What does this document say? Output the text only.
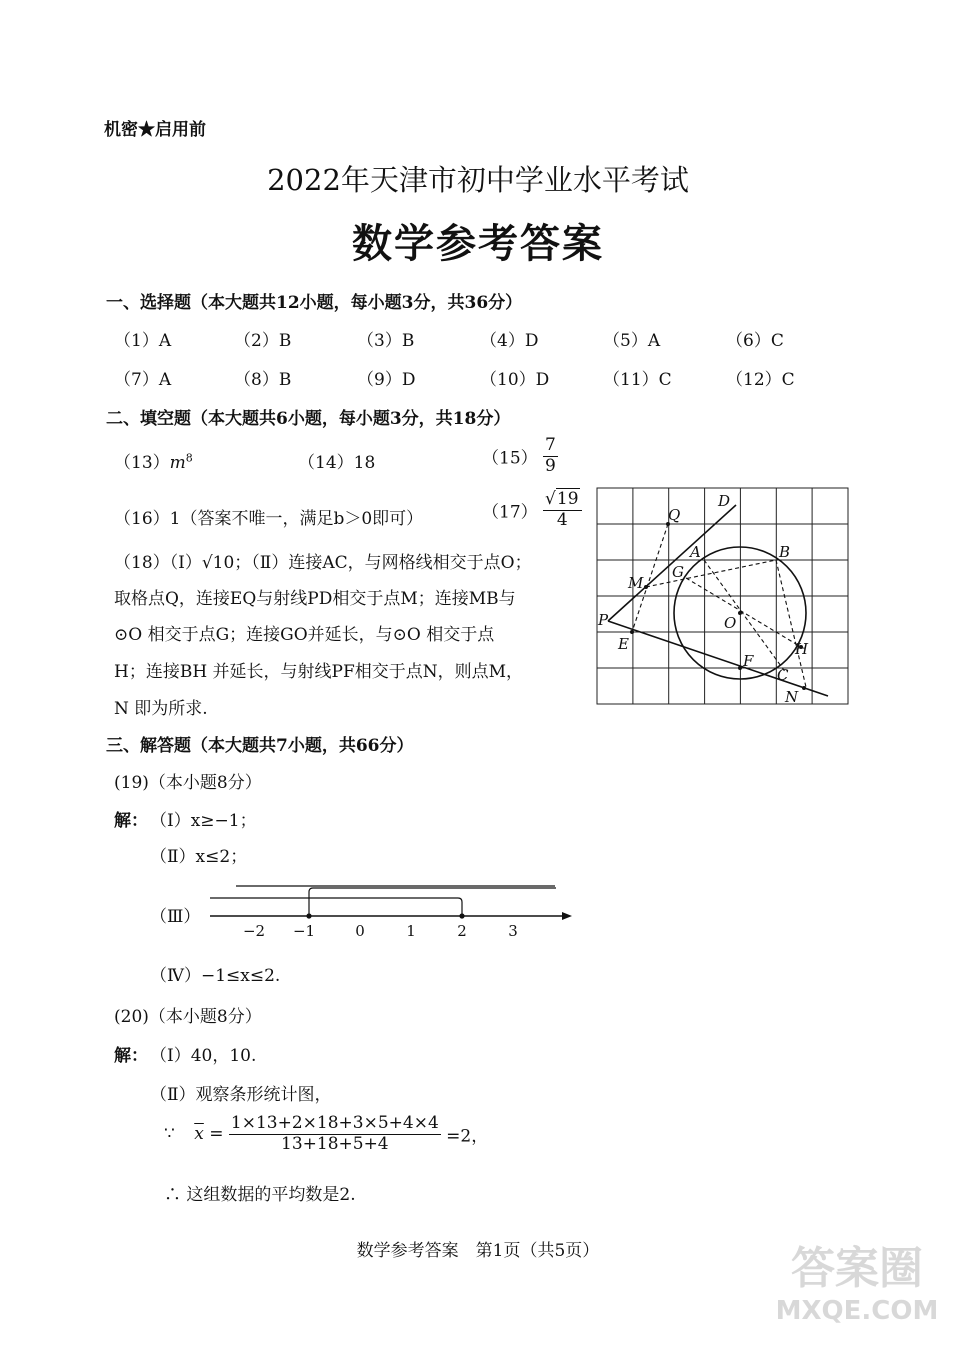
机密★启用前
2022年天津市初中学业水平考试
数学参考答案
一、选择题（本大题共12小题，每小题3分，共36分）
（1）A	（2）B	（3）B	（4）D	（5）A	（6）C
（7）A	（8）B	（9）D	（10）D	（11）C	（12）C
二、填空题（本大题共6小题，每小题3分，共18分）
$(13)m^8$	（14）18	$(15) \frac{7}{9}$
（16）1（答案不唯一，满足b＞0即可）	$(17) \frac{√19}{4}$
（18）（Ⅰ）√10；（Ⅱ）连接AC，与网格线相交于点O；
取格点Q，连接EQ与射线PD相交于点M；连接MB与
⊙O 相交于点G；连接GO并延长，与⊙O 相交于点
H；连接BH 并延长，与射线PF相交于点N，则点M，
N 即为所求.
Q
D
A	B
M
G
P
E
O
H
F
C
N
三、解答题（本大题共7小题，共66分）
(19)（本小题8分）
解： （Ⅰ）x≥−1；
（Ⅱ）x≤2；
（Ⅲ）
−2 −1	0	1	2	3
（Ⅳ）−1≤x≤2.
(20)（本小题8分）
解： （Ⅰ）40，10.
（Ⅱ）观察条形统计图，
∵ $\overline{x} = \frac{1\times 13+2\times 18+3\times 5+4\times 4}{13+18+5+4} =2$，
∴ 这组数据的平均数是2.
数学参考答案　第1页（共5页）	答案圈
MXQE.COM
